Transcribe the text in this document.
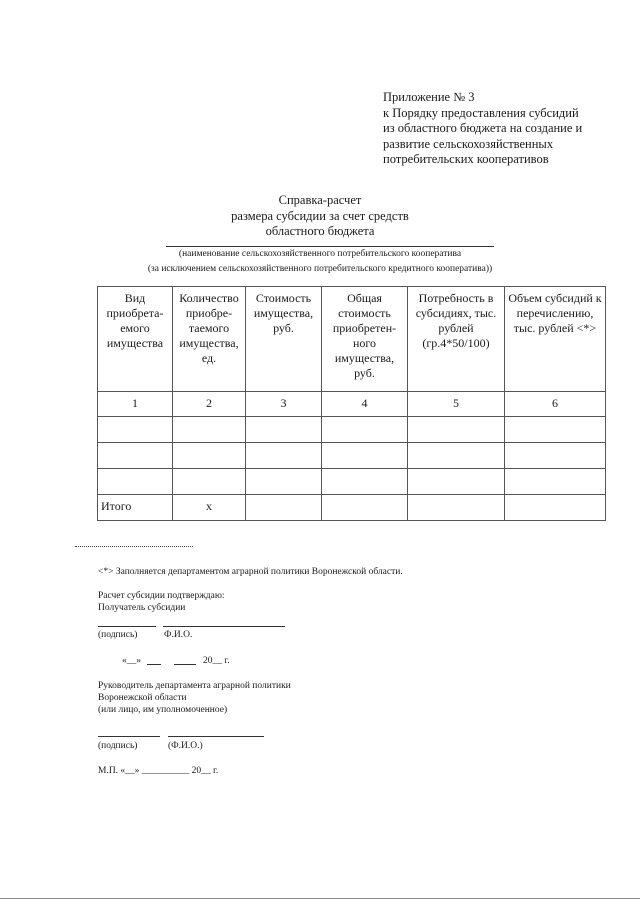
Приложение № 3
к Порядку предоставления субсидий
из областного бюджета на создание и
развитие сельскохозяйственных
потребительских кооперативов
Справка-расчет
размера субсидии за счет средств
областного бюджета
(наименование сельскохозяйственного потребительского кооператива
(за исключением сельскохозяйственного потребительского кредитного кооператива))
Вид приобрета-емого имущества	Количество приобре-таемого имущества, ед.	Стоимость имущества, руб.	Общая стоимость приобретен-ного имущества, руб.	Потребность в субсидиях, тыс. рублей (гр.4*50/100)	Объем субсидий к перечислению, тыс. рублей <*>
1	2	3	4	5	6

Итого	x				
<*> Заполняется департаментом аграрной политики Воронежской области.
Расчет субсидии подтверждаю:
Получатель субсидии
(подпись)	Ф.И.О.
«__»	20__ г.
Руководитель департамента аграрной политики
Воронежской области
(или лицо, им уполномоченное)
(подпись)	(Ф.И.О.)
М.П. «__» __________ 20__ г.
